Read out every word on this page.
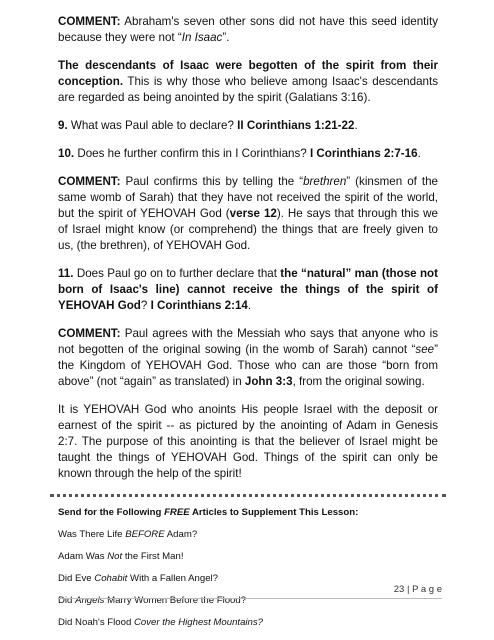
COMMENT: Abraham's seven other sons did not have this seed identity because they were not “In Isaac”.

The descendants of Isaac were begotten of the spirit from their conception. This is why those who believe among Isaac's descendants are regarded as being anointed by the spirit (Galatians 3:16).

9. What was Paul able to declare? II Corinthians 1:21-22.

10. Does he further confirm this in I Corinthians? I Corinthians 2:7-16.

COMMENT: Paul confirms this by telling the “brethren” (kinsmen of the same womb of Sarah) that they have not received the spirit of the world, but the spirit of YEHOVAH God (verse 12). He says that through this we of Israel might know (or comprehend) the things that are freely given to us, (the brethren), of YEHOVAH God.

11. Does Paul go on to further declare that the “natural” man (those not born of Isaac's line) cannot receive the things of the spirit of YEHOVAH God? I Corinthians 2:14.

COMMENT: Paul agrees with the Messiah who says that anyone who is not begotten of the original sowing (in the womb of Sarah) cannot “see” the Kingdom of YEHOVAH God. Those who can are those “born from above” (not “again” as translated) in John 3:3, from the original sowing.

It is YEHOVAH God who anoints His people Israel with the deposit or earnest of the spirit -- as pictured by the anointing of Adam in Genesis 2:7. The purpose of this anointing is that the believer of Israel might be taught the things of YEHOVAH God. Things of the spirit can only be known through the help of the spirit!

Send for the Following FREE Articles to Supplement This Lesson:
Was There Life BEFORE Adam?
Adam Was Not the First Man!
Did Eve Cohabit With a Fallen Angel?
Did Angels Marry Women Before the Flood?
Did Noah's Flood Cover the Highest Mountains?
23 | P a g e
